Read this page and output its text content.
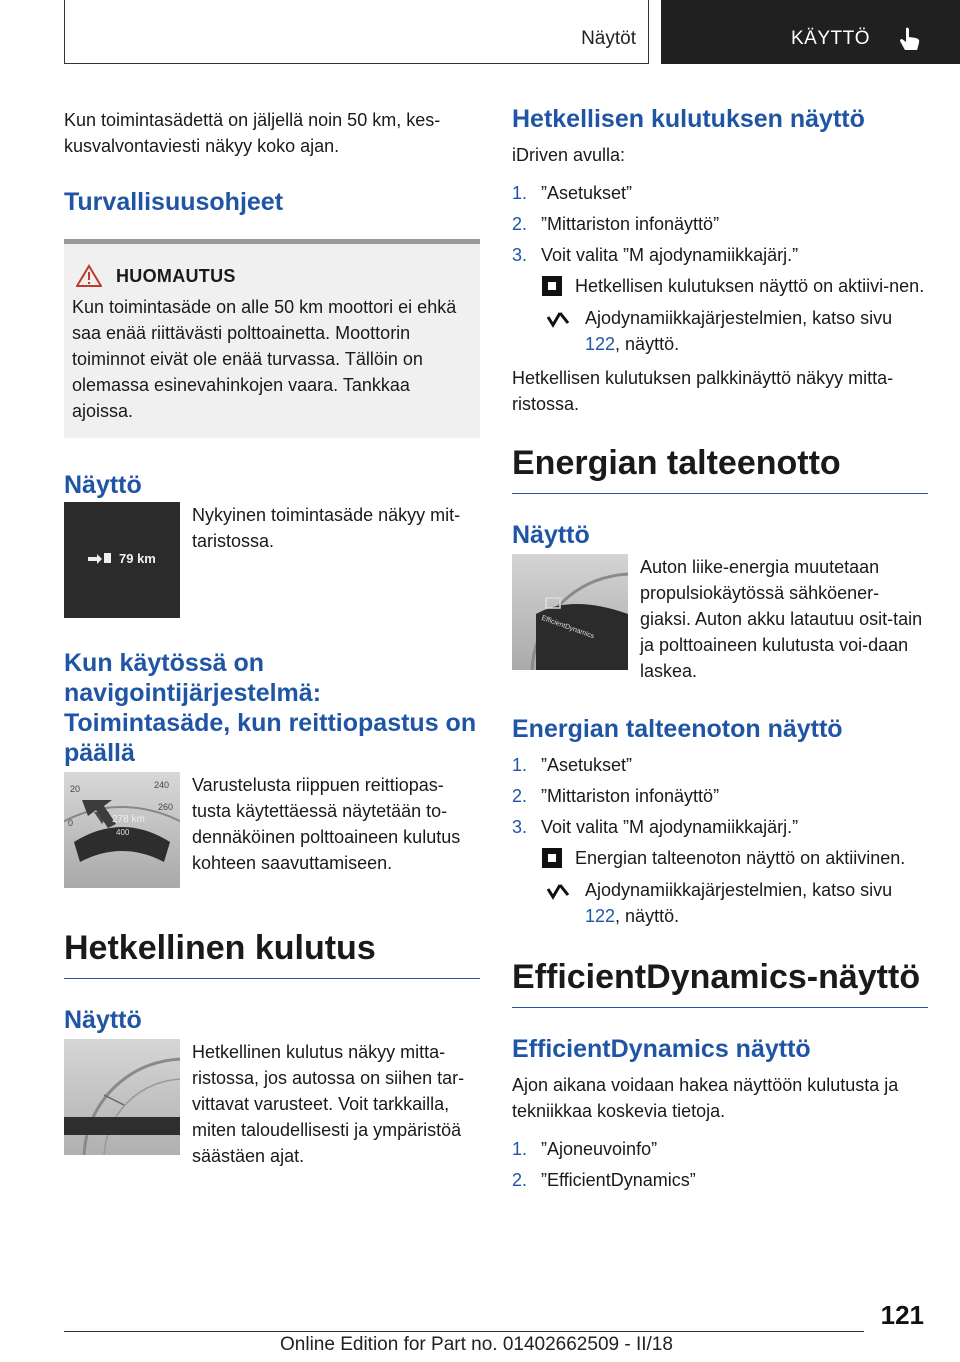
Näytöt	KÄYTTÖ

Kun toimintasädettä on jäljellä noin 50 km, kes-kusvalvontaviesti näkyy koko ajan.

Turvallisuusohjeet
HUOMAUTUS

Kun toimintasäde on alle 50 km moottori ei ehkä saa enää riittävästi polttoainetta. Moottorin toiminnot eivät ole enää turvassa. Tällöin on olemassa esinevahinkojen vaara. Tankkaa ajoissa.

Näyttö
79 km

Nykyinen toimintasäde näkyy mit-taristossa.

Kun käytössä on navigointijärjestelmä: Toimintasäde, kun reittiopastus on päällä
20	240
0
260
278 km
400

Varustelusta riippuen reittiopas-tusta käytettäessä näytetään to-dennäköinen polttoaineen kulutus kohteen saavuttamiseen.

Hetkellinen kulutus
Näyttö

Hetkellinen kulutus näkyy mitta-ristossa, jos autossa on siihen tar-vittavat varusteet. Voit tarkkailla, miten taloudellisesti ja ympäristöä säästäen ajat.

Hetkellisen kulutuksen näyttö

iDriven avulla:

1. ”Asetukset”
2. ”Mittariston infonäyttö”
3. Voit valita ”M ajodynamiikkajärj.”
Hetkellisen kulutuksen näyttö on aktiivi-nen.
Ajodynamiikkajärjestelmien, katso sivu 122, näyttö.

Hetkellisen kulutuksen palkkinäyttö näkyy mitta-ristossa.

Energian talteenotto
Näyttö
EfficientDynamics

Auton liike-energia muutetaan propulsiokäytössä sähköener-giaksi. Auton akku latautuu osit-tain ja polttoaineen kulutusta voi-daan laskea.

Energian talteenoton näyttö
1. ”Asetukset”
2. ”Mittariston infonäyttö”
3. Voit valita ”M ajodynamiikkajärj.”
Energian talteenoton näyttö on aktiivinen.
Ajodynamiikkajärjestelmien, katso sivu 122, näyttö.
EfficientDynamics-näyttö
EfficientDynamics näyttö

Ajon aikana voidaan hakea näyttöön kulutusta ja tekniikkaa koskevia tietoja.

1. ”Ajoneuvoinfo”
2. ”EfficientDynamics”
121
Online Edition for Part no. 01402662509 - II/18
